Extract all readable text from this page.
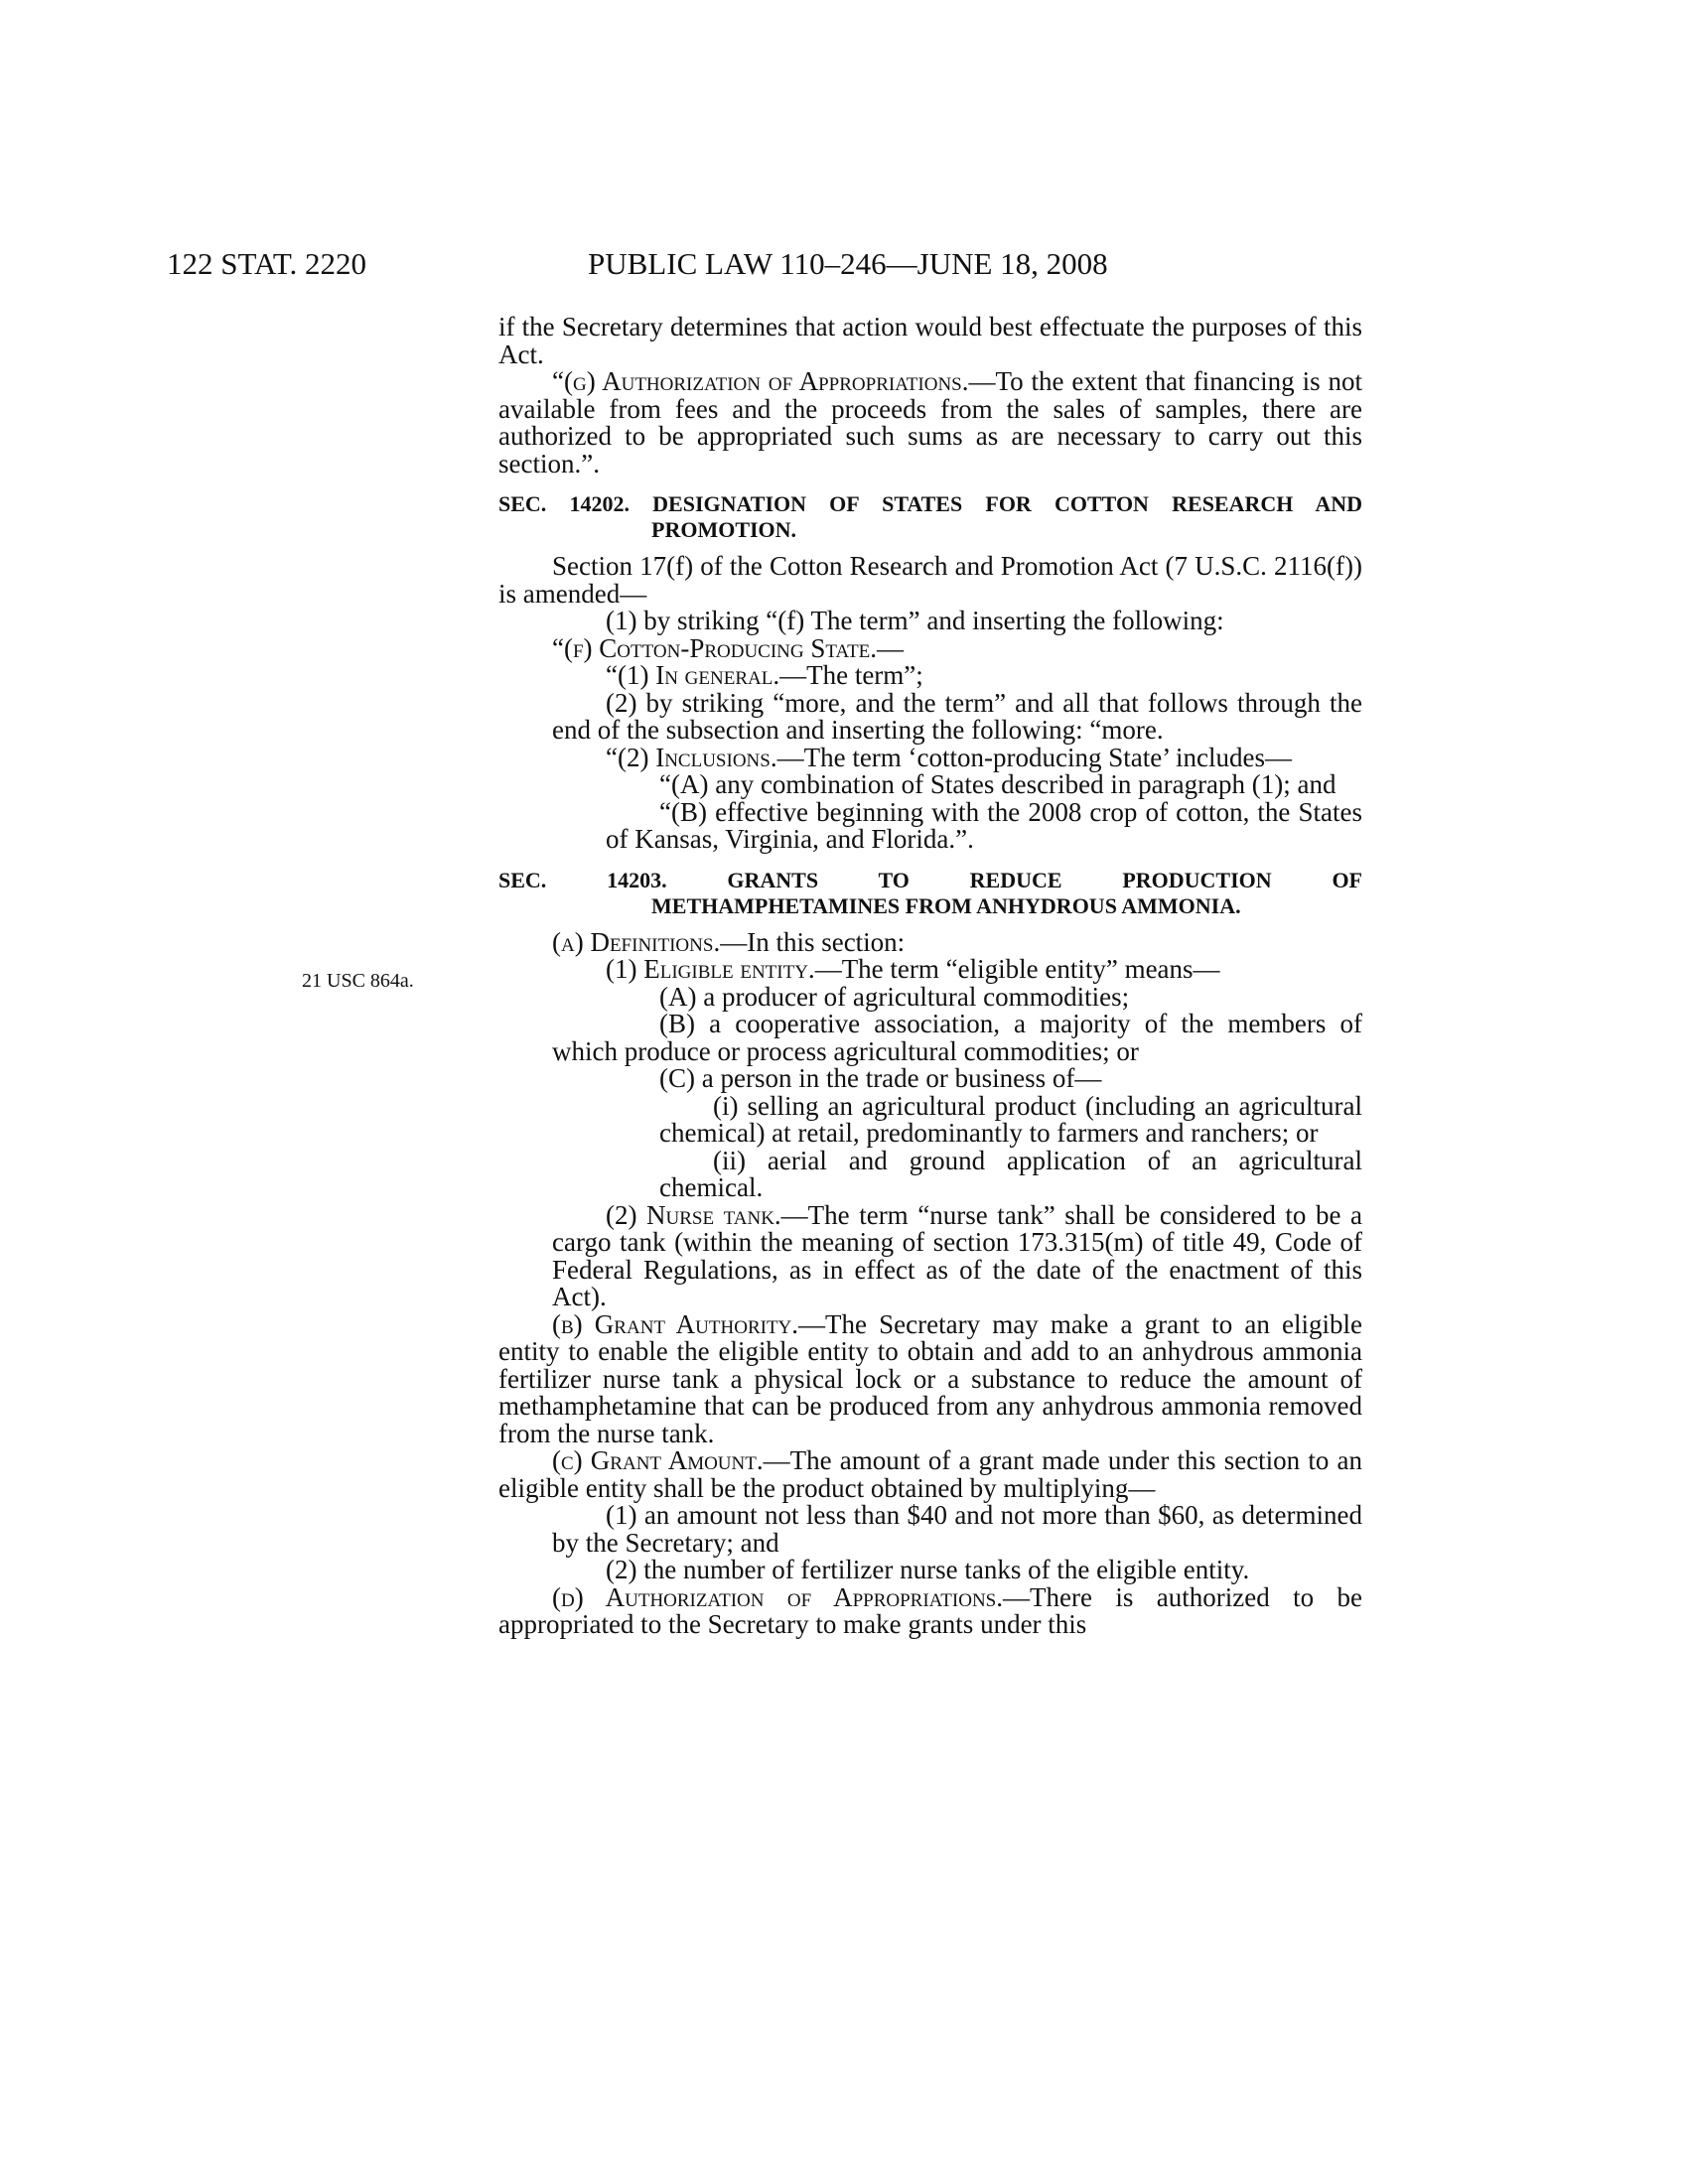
122 STAT. 2220	PUBLIC LAW 110–246—JUNE 18, 2008
21 USC 864a.

if the Secretary determines that action would best effectuate the purposes of this Act.

“(g) Authorization of Appropriations.—To the extent that financing is not available from fees and the proceeds from the sales of samples, there are authorized to be appropriated such sums as are necessary to carry out this section.”.

SEC. 14202. DESIGNATION OF STATES FOR COTTON RESEARCH AND PROMOTION.

Section 17(f) of the Cotton Research and Promotion Act (7 U.S.C. 2116(f)) is amended—

(1) by striking “(f) The term” and inserting the following:

“(f) Cotton-Producing State.—

“(1) In general.—The term”;

(2) by striking “more, and the term” and all that follows through the end of the subsection and inserting the following: “more.

“(2) Inclusions.—The term ‘cotton-producing State’ includes—

“(A) any combination of States described in paragraph (1); and

“(B) effective beginning with the 2008 crop of cotton, the States of Kansas, Virginia, and Florida.”.

SEC. 14203. GRANTS TO REDUCE PRODUCTION OF METHAMPHETAMINES FROM ANHYDROUS AMMONIA.

(a) Definitions.—In this section:

(1) Eligible entity.—The term “eligible entity” means—

(A) a producer of agricultural commodities;

(B) a cooperative association, a majority of the members of which produce or process agricultural commodities; or

(C) a person in the trade or business of—

(i) selling an agricultural product (including an agricultural chemical) at retail, predominantly to farmers and ranchers; or

(ii) aerial and ground application of an agricultural chemical.

(2) Nurse tank.—The term “nurse tank” shall be considered to be a cargo tank (within the meaning of section 173.315(m) of title 49, Code of Federal Regulations, as in effect as of the date of the enactment of this Act).

(b) Grant Authority.—The Secretary may make a grant to an eligible entity to enable the eligible entity to obtain and add to an anhydrous ammonia fertilizer nurse tank a physical lock or a substance to reduce the amount of methamphetamine that can be produced from any anhydrous ammonia removed from the nurse tank.

(c) Grant Amount.—The amount of a grant made under this section to an eligible entity shall be the product obtained by multiplying—

(1) an amount not less than $40 and not more than $60, as determined by the Secretary; and

(2) the number of fertilizer nurse tanks of the eligible entity.

(d) Authorization of Appropriations.—There is authorized to be appropriated to the Secretary to make grants under this
